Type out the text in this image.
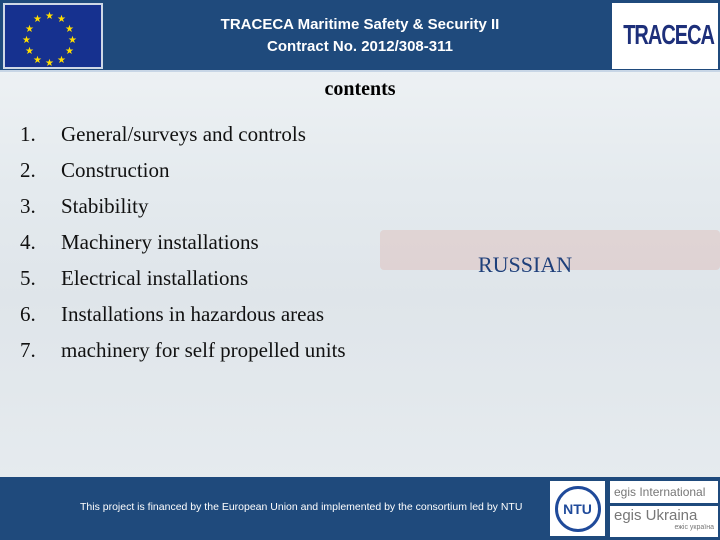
★ ★
★
★	★
★	★
★	★
★ ★
★
TRACECA Maritime Safety & Security II
Contract No. 2012/308-311	TRACECA
contents
1.	General/surveys and controls
2.	Construction
3.	Stabibility
4.	Machinery installations
5.	Electrical installations
6.	Installations in hazardous areas
7.	machinery for self propelled units
RUSSIAN
This project is financed by the European Union and implemented by the consortium led by NTU	NTU
egis International
egis Ukraina
ежіс україна
